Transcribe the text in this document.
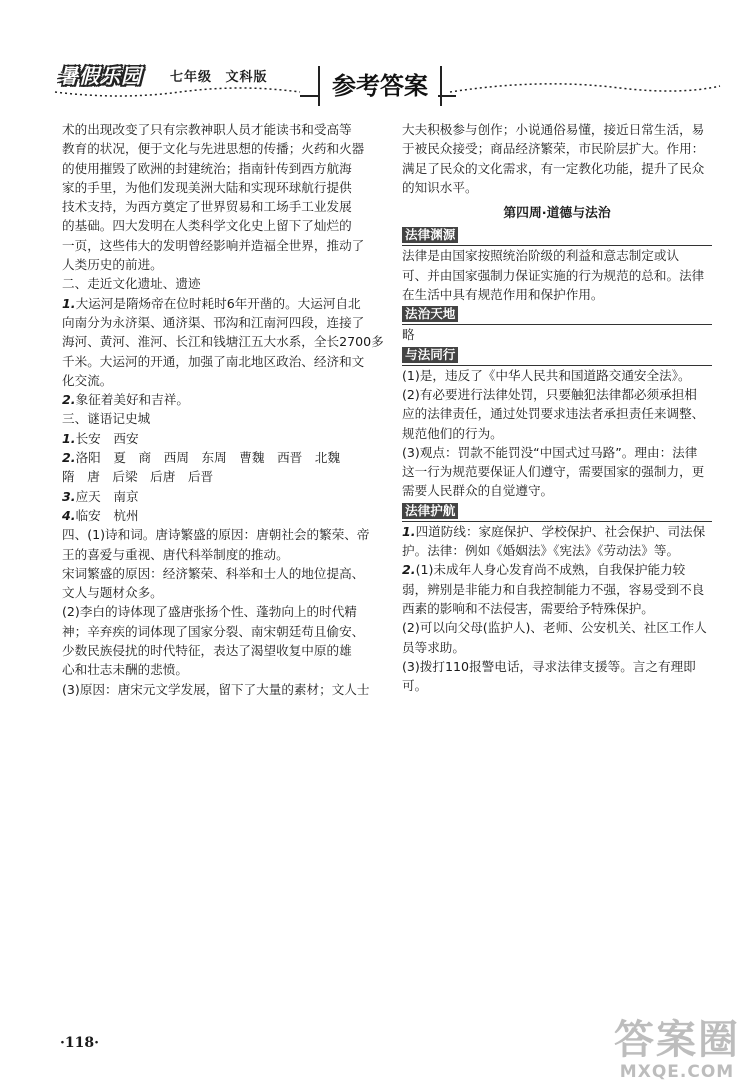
暑假乐园 七年级 文科版	参考答案
术的出现改变了只有宗教神职人员才能读书和受高等
教育的状况，便于文化与先进思想的传播；火药和火器
的使用摧毁了欧洲的封建统治；指南针传到西方航海
家的手里，为他们发现美洲大陆和实现环球航行提供
技术支持，为西方奠定了世界贸易和工场手工业发展
的基础。四大发明在人类科学文化史上留下了灿烂的
一页，这些伟大的发明曾经影响并造福全世界，推动了
人类历史的前进。
二、走近文化遗址、遗迹
1.大运河是隋炀帝在位时耗时6年开凿的。大运河自北
向南分为永济渠、通济渠、邗沟和江南河四段，连接了
海河、黄河、淮河、长江和钱塘江五大水系，全长2700多
千米。大运河的开通，加强了南北地区政治、经济和文
化交流。
2.象征着美好和吉祥。
三、谜语记史城
1.长安　西安
2.洛阳　夏　商　西周　东周　曹魏　西晋　北魏
隋　唐　后梁　后唐　后晋
3.应天　南京
4.临安　杭州
四、(1)诗和词。唐诗繁盛的原因：唐朝社会的繁荣、帝
王的喜爱与重视、唐代科举制度的推动。
宋词繁盛的原因：经济繁荣、科举和士人的地位提高、
文人与题材众多。
(2)李白的诗体现了盛唐张扬个性、蓬勃向上的时代精
神；辛弃疾的词体现了国家分裂、南宋朝廷苟且偷安、
少数民族侵扰的时代特征，表达了渴望收复中原的雄
心和壮志未酬的悲愤。
(3)原因：唐宋元文学发展，留下了大量的素材；文人士
大夫积极参与创作；小说通俗易懂，接近日常生活，易
于被民众接受；商品经济繁荣，市民阶层扩大。作用：
满足了民众的文化需求，有一定教化功能，提升了民众
的知识水平。
第四周·道德与法治
法律渊源
法律是由国家按照统治阶级的利益和意志制定或认
可、并由国家强制力保证实施的行为规范的总和。法律
在生活中具有规范作用和保护作用。
法治天地
略
与法同行
(1)是，违反了《中华人民共和国道路交通安全法》。
(2)有必要进行法律处罚，只要触犯法律都必须承担相
应的法律责任，通过处罚要求违法者承担责任来调整、
规范他们的行为。
(3)观点：罚款不能罚没“中国式过马路”。理由：法律
这一行为规范要保证人们遵守，需要国家的强制力，更
需要人民群众的自觉遵守。
法律护航
1.四道防线：家庭保护、学校保护、社会保护、司法保
护。法律：例如《婚姻法》《宪法》《劳动法》等。
2.(1)未成年人身心发育尚不成熟，自我保护能力较
弱，辨别是非能力和自我控制能力不强，容易受到不良
西素的影响和不法侵害，需要给予特殊保护。
(2)可以向父母(监护人)、老师、公安机关、社区工作人
员等求助。
(3)拨打110报警电话，寻求法律支援等。言之有理即
可。
·118·	答案圈
MXQE.COM
